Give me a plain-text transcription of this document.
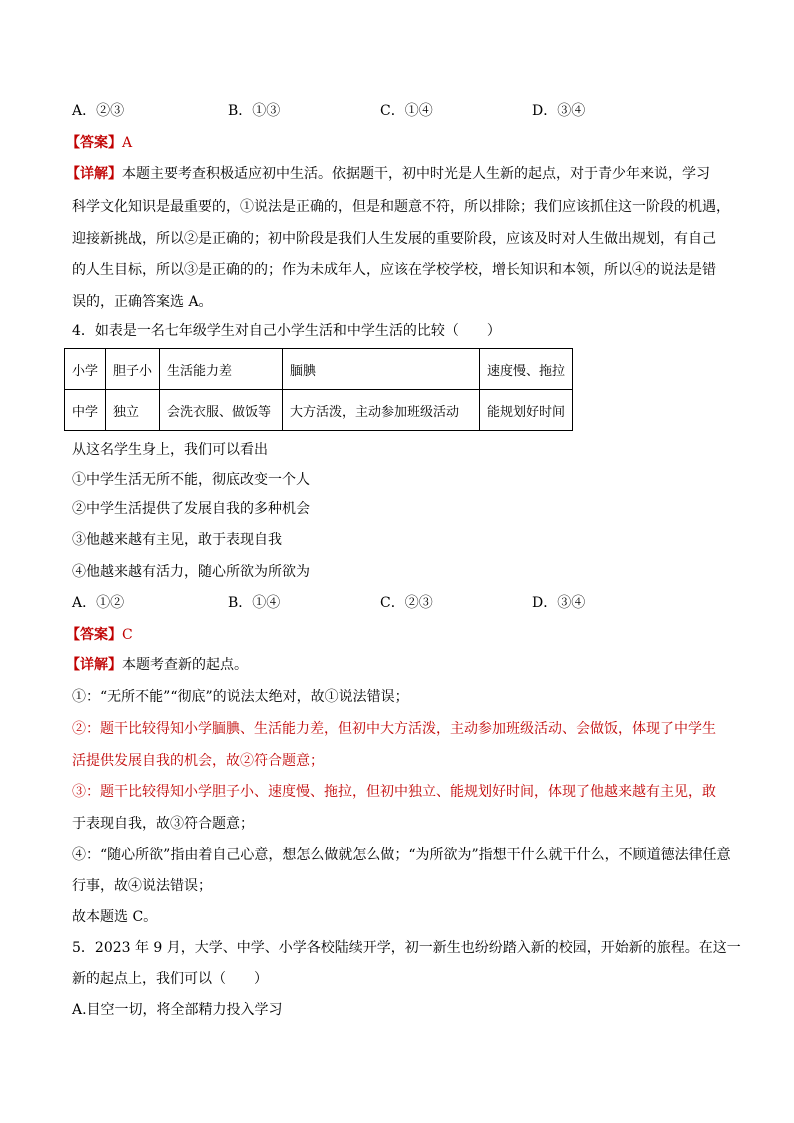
A．②③	B．①③	C．①④	D．③④
【答案】A
【详解】本题主要考查积极适应初中生活。依据题干，初中时光是人生新的起点，对于青少年来说，学习
科学文化知识是最重要的，①说法是正确的，但是和题意不符，所以排除；我们应该抓住这一阶段的机遇，
迎接新挑战，所以②是正确的；初中阶段是我们人生发展的重要阶段，应该及时对人生做出规划，有自己
的人生目标，所以③是正确的的；作为未成年人，应该在学校学校，增长知识和本领，所以④的说法是错
误的，正确答案选 A。
4．如表是一名七年级学生对自己小学生活和中学生活的比较（　　）
小学	胆子小	生活能力差	腼腆	速度慢、拖拉
中学	独立	会洗衣服、做饭等	大方活泼，主动参加班级活动	能规划好时间
从这名学生身上，我们可以看出
①中学生活无所不能，彻底改变一个人
②中学生活提供了发展自我的多种机会
③他越来越有主见，敢于表现自我
④他越来越有活力，随心所欲为所欲为
A．①②	B．①④	C．②③	D．③④
【答案】C
【详解】本题考查新的起点。
①：“无所不能”“彻底”的说法太绝对，故①说法错误；
②：题干比较得知小学腼腆、生活能力差，但初中大方活泼，主动参加班级活动、会做饭，体现了中学生
活提供发展自我的机会，故②符合题意；
③：题干比较得知小学胆子小、速度慢、拖拉，但初中独立、能规划好时间，体现了他越来越有主见，敢
于表现自我，故③符合题意；
④：“随心所欲”指由着自己心意，想怎么做就怎么做；“为所欲为”指想干什么就干什么，不顾道德法律任意
行事，故④说法错误；
故本题选 C。
5．2023 年 9 月，大学、中学、小学各校陆续开学，初一新生也纷纷踏入新的校园，开始新的旅程。在这一
新的起点上，我们可以（　　）
A.目空一切，将全部精力投入学习
